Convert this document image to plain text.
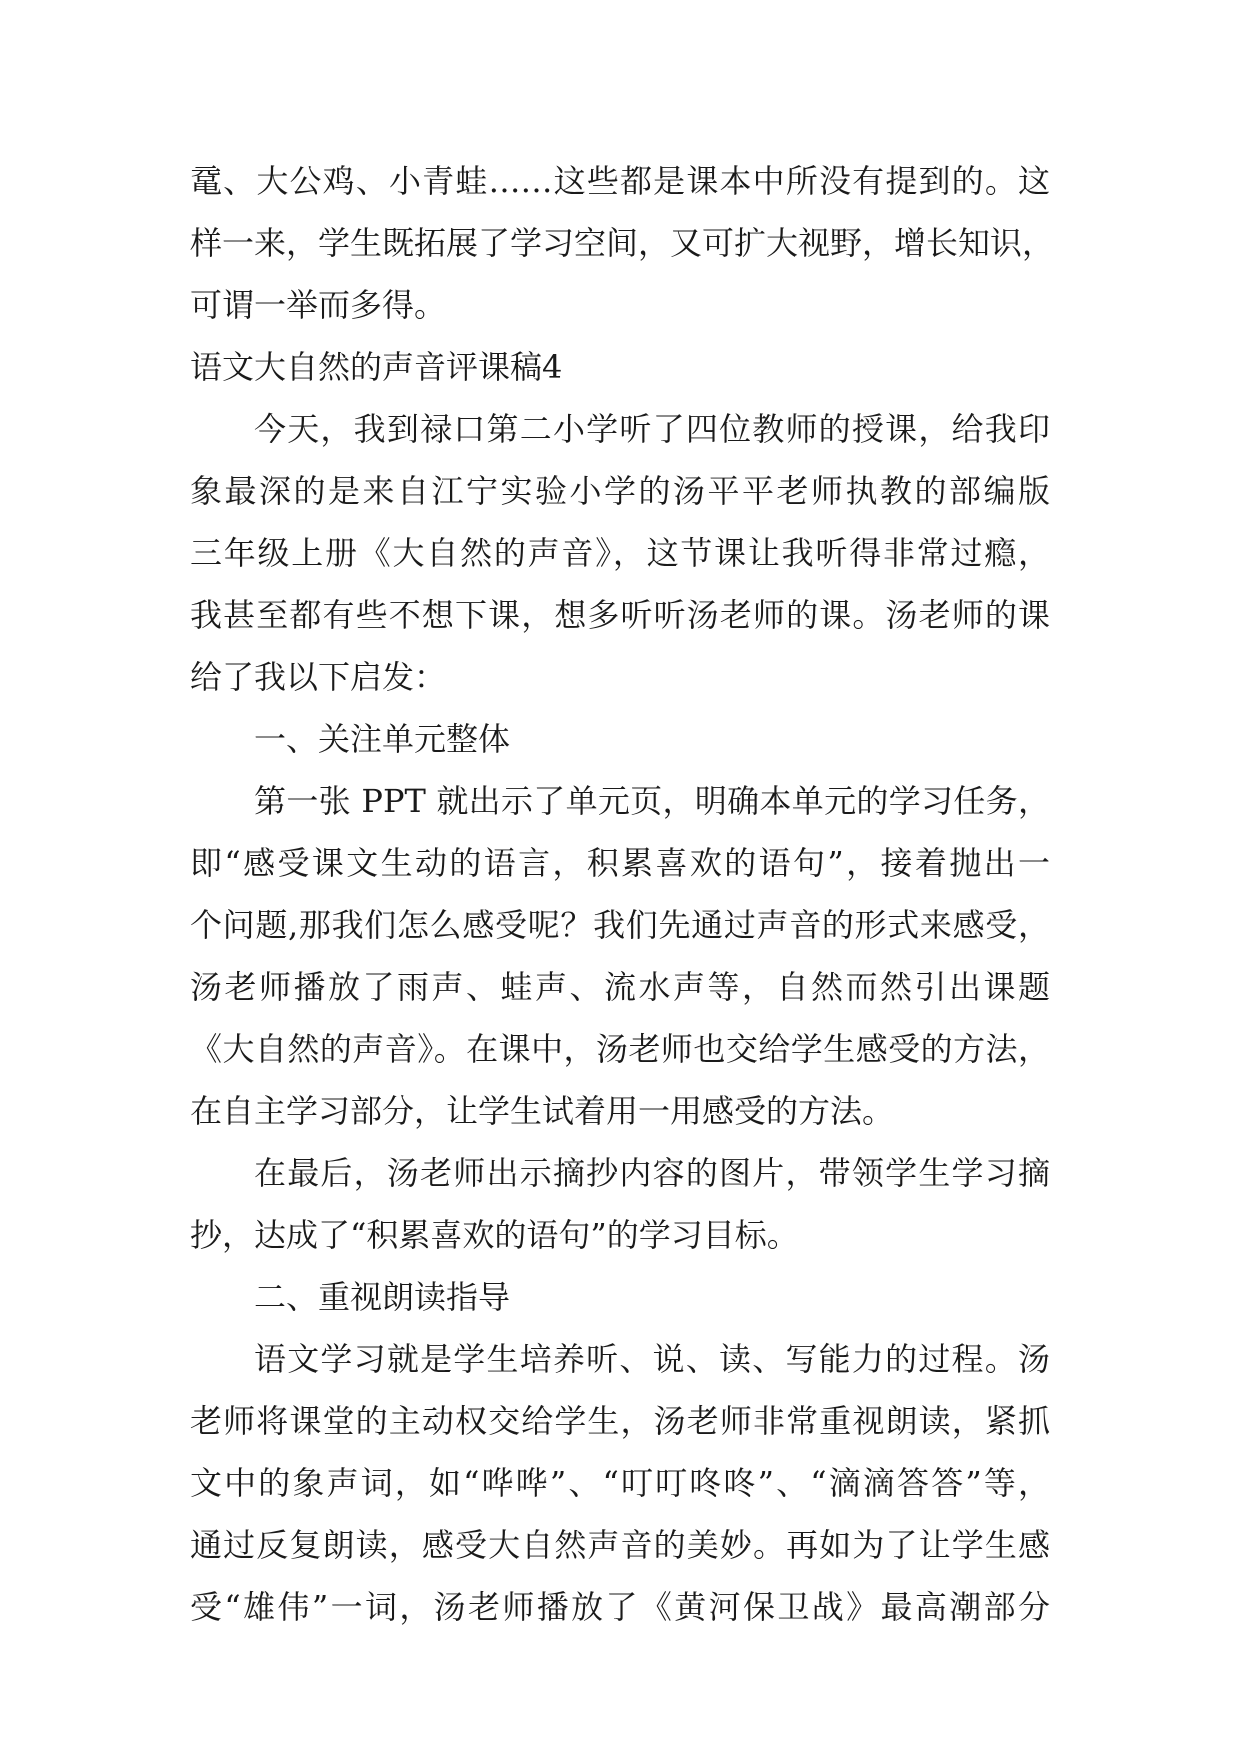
鼋、大公鸡、小青蛙……这些都是课本中所没有提到的。这
样一来，学生既拓展了学习空间，又可扩大视野，增长知识，
可谓一举而多得。
语文大自然的声音评课稿4
今天，我到禄口第二小学听了四位教师的授课，给我印
象最深的是来自江宁实验小学的汤平平老师执教的部编版
三年级上册《大自然的声音》，这节课让我听得非常过瘾，
我甚至都有些不想下课，想多听听汤老师的课。汤老师的课
给了我以下启发：
一、关注单元整体
第一张 PPT 就出示了单元页，明确本单元的学习任务，
即“感受课文生动的语言，积累喜欢的语句”，接着抛出一
个问题,那我们怎么感受呢？我们先通过声音的形式来感受，
汤老师播放了雨声、蛙声、流水声等，自然而然引出课题
《大自然的声音》。在课中，汤老师也交给学生感受的方法，
在自主学习部分，让学生试着用一用感受的方法。
在最后，汤老师出示摘抄内容的图片，带领学生学习摘
抄，达成了“积累喜欢的语句”的学习目标。
二、重视朗读指导
语文学习就是学生培养听、说、读、写能力的过程。汤
老师将课堂的主动权交给学生，汤老师非常重视朗读，紧抓
文中的象声词，如“哗哗”、“叮叮咚咚”、“滴滴答答”等，
通过反复朗读，感受大自然声音的美妙。再如为了让学生感
受“雄伟”一词，汤老师播放了《黄河保卫战》最高潮部分
